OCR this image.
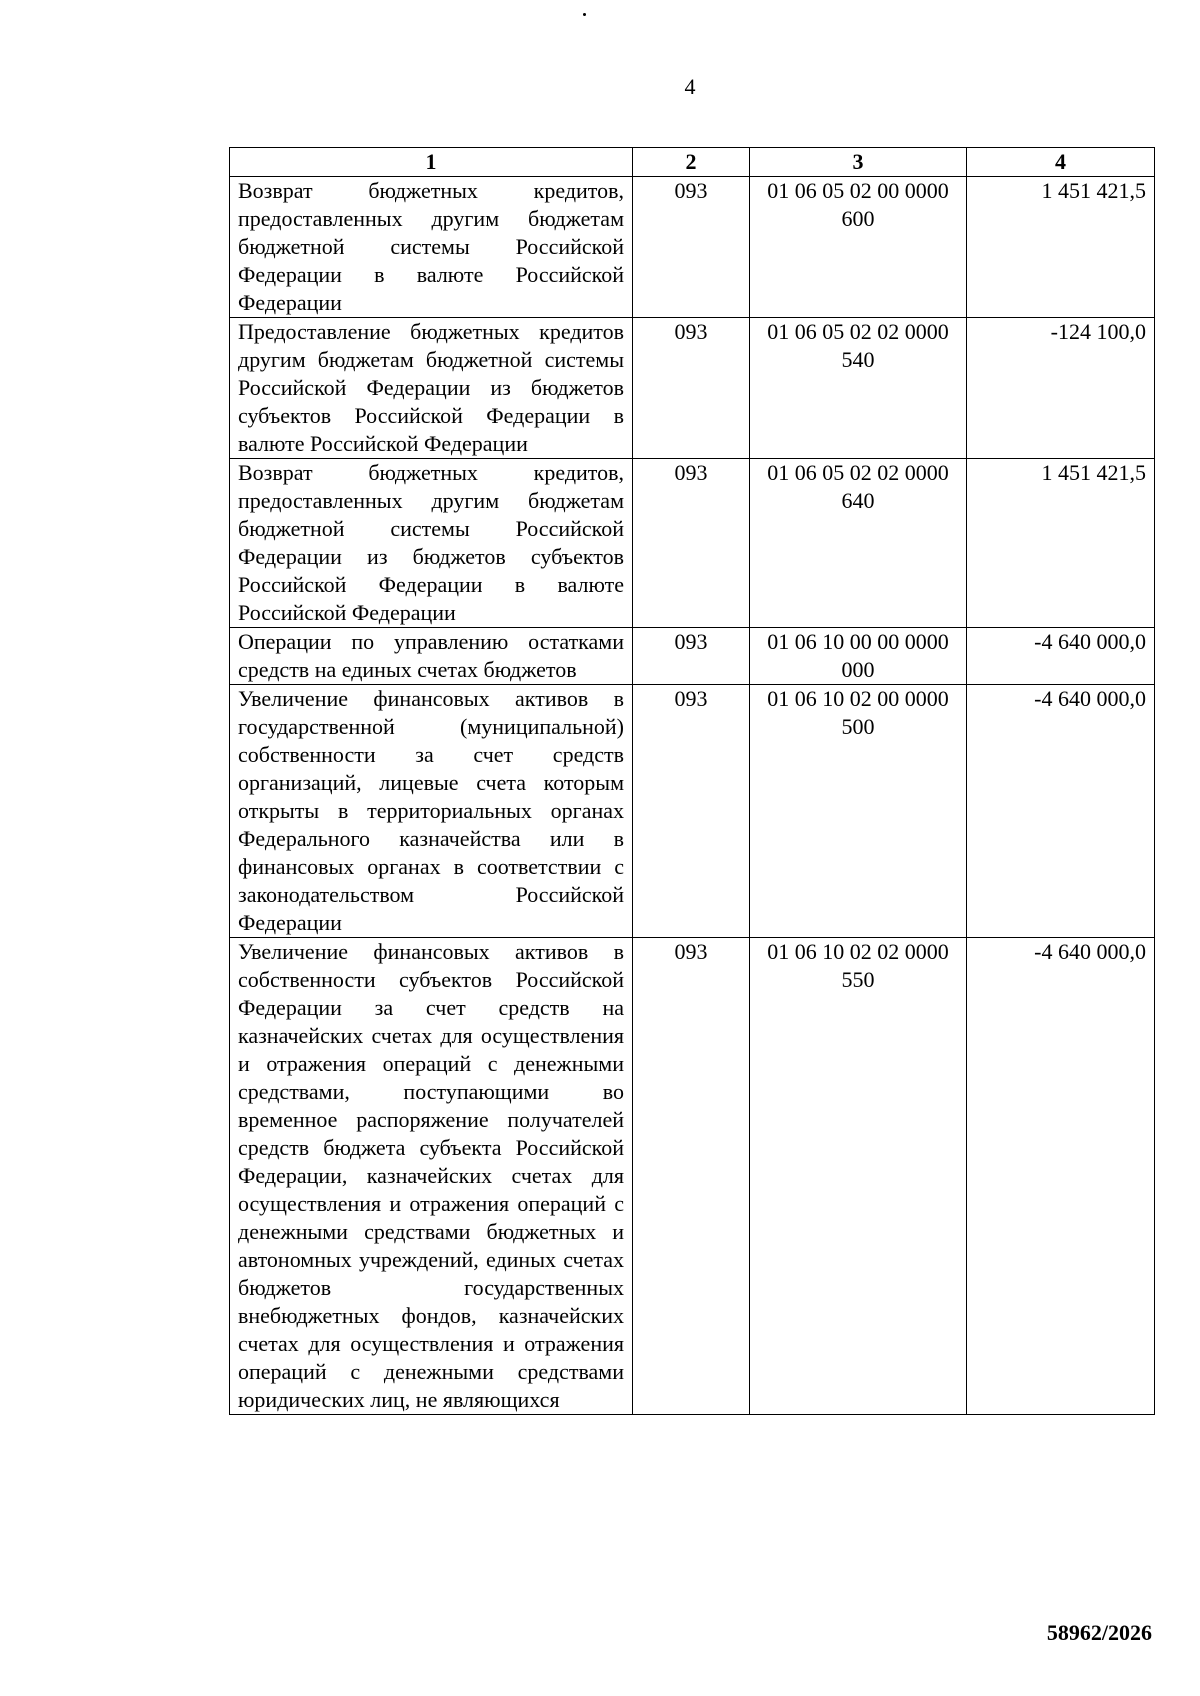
4
1	2	3	4
Возврат бюджетных кредитов, предоставленных другим бюджетам бюджетной системы Российской Федерации в валюте Российской Федерации	093	01 06 05 02 00 0000 600	1 451 421,5
Предоставление бюджетных кредитов другим бюджетам бюджетной системы Российской Федерации из бюджетов субъектов Российской Федерации в валюте Российской Федерации	093	01 06 05 02 02 0000 540	-124 100,0
Возврат бюджетных кредитов, предоставленных другим бюджетам бюджетной системы Российской Федерации из бюджетов субъектов Российской Федерации в валюте Российской Федерации	093	01 06 05 02 02 0000 640	1 451 421,5
Операции по управлению остатками средств на единых счетах бюджетов	093	01 06 10 00 00 0000 000	-4 640 000,0
Увеличение финансовых активов в государственной (муниципальной) собственности за счет средств организаций, лицевые счета которым открыты в территориальных органах Федерального казначейства или в финансовых органах в соответствии с законодательством Российской Федерации	093	01 06 10 02 00 0000 500	-4 640 000,0
Увеличение финансовых активов в собственности субъектов Российской Федерации за счет средств на казначейских счетах для осуществления и отражения операций с денежными средствами, поступающими во временное распоряжение получателей средств бюджета субъекта Российской Федерации, казначейских счетах для осуществления и отражения операций с денежными средствами бюджетных и автономных учреждений, единых счетах бюджетов государственных внебюджетных фондов, казначейских счетах для осуществления и отражения операций с денежными средствами юридических лиц, не являющихся	093	01 06 10 02 02 0000 550	-4 640 000,0
58962/2026
